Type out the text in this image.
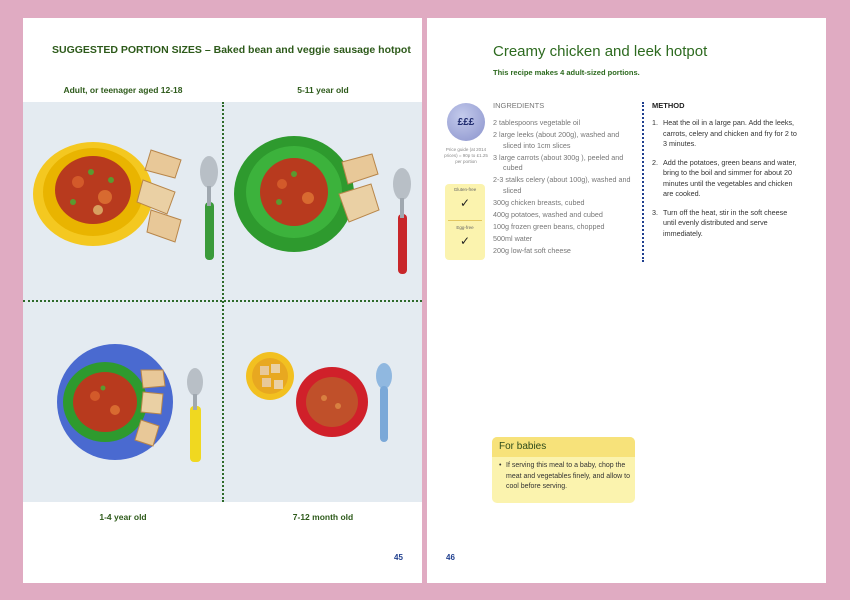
SUGGESTED PORTION SIZES – Baked bean and veggie sausage hotpot
Adult, or teenager aged 12-18	5-11 year old
1-4 year old	7-12 month old
45
Creamy chicken and leek hotpot
This recipe makes 4 adult-sized portions.
£££
Price guide (at 2014 prices) = 90p to £1.25 per portion
Gluten-free
✓
Egg-free
✓
INGREDIENTS
2 tablespoons vegetable oil
2 large leeks (about 200g), washed and sliced into 1cm slices
3 large carrots (about 300g ), peeled and cubed
2-3 stalks celery (about 100g), washed and sliced
300g chicken breasts, cubed
400g potatoes, washed and cubed
100g frozen green beans, chopped
500ml water
200g low-fat soft cheese
METHOD
1. Heat the oil in a large pan. Add the leeks, carrots, celery and chicken and fry for 2 to 3 minutes.
2. Add the potatoes, green beans and water, bring to the boil and simmer for about 20 minutes until the vegetables and chicken are cooked.
3. Turn off the heat, stir in the soft cheese until evenly distributed and serve immediately.
For babies
• If serving this meal to a baby, chop the meat and vegetables finely, and allow to cool before serving.
46
